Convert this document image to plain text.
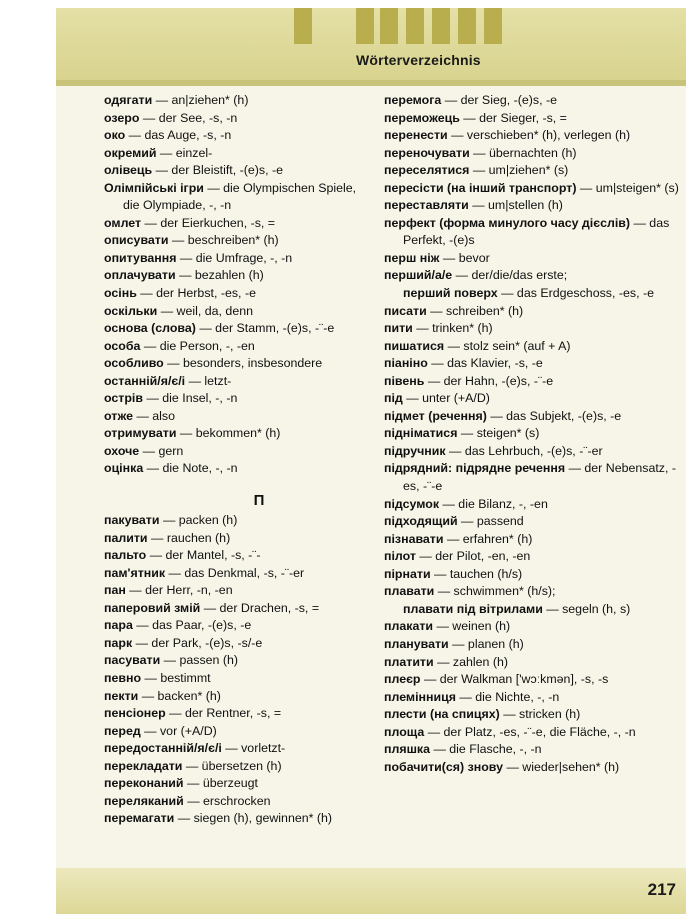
Wörterverzeichnis

одягати — an|ziehen* (h)

озеро — der See, -s, -n

око — das Auge, -s, -n

окремий — einzel-

олівець — der Bleistift, -(e)s, -e

Олімпійські ігри — die Olympischen Spiele, die Olympiade, -, -n

омлет — der Eierkuchen, -s, =

описувати — beschreiben* (h)

опитування — die Umfrage, -, -n

оплачувати — bezahlen (h)

осінь — der Herbst, -es, -e

оскільки — weil, da, denn

основа (слова) — der Stamm, -(e)s, -¨-e

особа — die Person, -, -en

особливо — besonders, insbesondere

останній/я/є/і — letzt-

острів — die Insel, -, -n

отже — also

отримувати — bekommen* (h)

охоче — gern

оцінка — die Note, -, -n

П

пакувати — packen (h)

палити — rauchen (h)

пальто — der Mantel, -s, -¨-

пам'ятник — das Denkmal, -s, -¨-er

пан — der Herr, -n, -en

паперовий змій — der Drachen, -s, =

пара — das Paar, -(e)s, -e

парк — der Park, -(e)s, -s/-e

пасувати — passen (h)

певно — bestimmt

пекти — backen* (h)

пенсіонер — der Rentner, -s, =

перед — vor (+A/D)

передостанній/я/є/і — vorletzt-

перекладати — übersetzen (h)

переконаний — überzeugt

переляканий — erschrocken

перемагати — siegen (h), gewinnen* (h)

перемога — der Sieg, -(e)s, -e

переможець — der Sieger, -s, =

перенести — verschieben* (h), verlegen (h)

переночувати — übernachten (h)

переселятися — um|ziehen* (s)

пересісти (на інший транспорт) — um|steigen* (s)

переставляти — um|stellen (h)

перфект (форма минулого часу дієслів) — das Perfekt, -(e)s

перш ніж — bevor

перший/а/е — der/die/das erste;

перший поверх — das Erdgeschoss, -es, -e

писати — schreiben* (h)

пити — trinken* (h)

пишатися — stolz sein* (auf + A)

піаніно — das Klavier, -s, -e

півень — der Hahn, -(e)s, -¨-e

під — unter (+A/D)

підмет (речення) — das Subjekt, -(e)s, -e

підніматися — steigen* (s)

підручник — das Lehrbuch, -(e)s, -¨-er

підрядний: підрядне речення — der Nebensatz, -es, -¨-e

підсумок — die Bilanz, -, -en

підходящий — passend

пізнавати — erfahren* (h)

пілот — der Pilot, -en, -en

пірнати — tauchen (h/s)

плавати — schwimmen* (h/s);

плавати під вітрилами — segeln (h, s)

плакати — weinen (h)

планувати — planen (h)

платити — zahlen (h)

плеєр — der Walkman ['wɔːkmən], -s, -s

племінниця — die Nichte, -, -n

плести (на спицях) — stricken (h)

площа — der Platz, -es, -¨-e, die Fläche, -, -n

пляшка — die Flasche, -, -n

побачити(ся) знову — wieder|sehen* (h)

217
